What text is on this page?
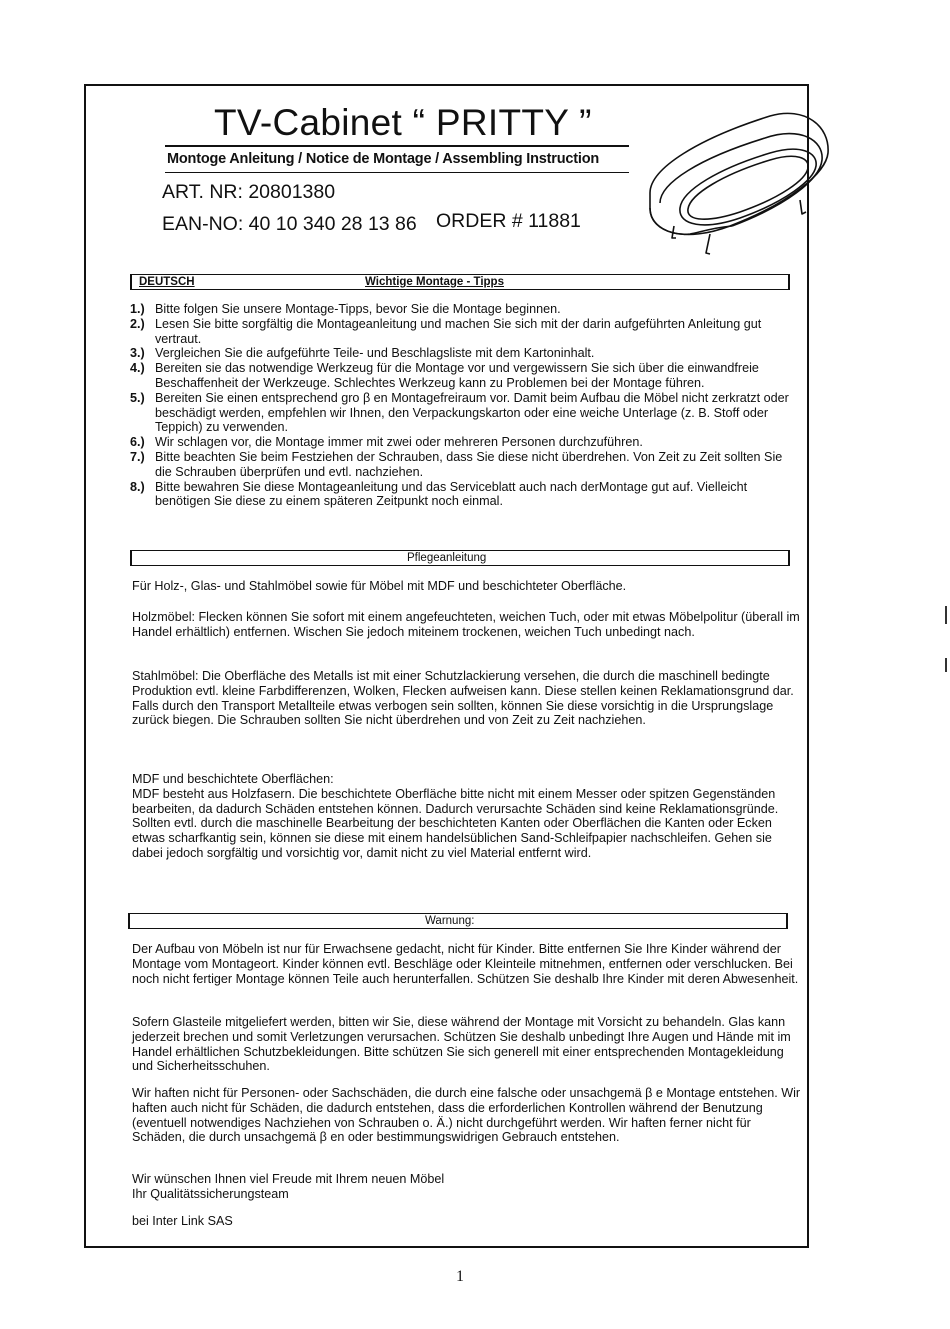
TV-Cabinet “ PRITTY ”
Montoge Anleitung / Notice de Montage / Assembling Instruction
ART. NR: 20801380
EAN-NO: 40 10 340 28 13 86 ORDER # 11881
DEUTSCH	Wichtige Montage - Tipps
1.) Bitte folgen Sie unsere Montage-Tipps, bevor Sie die Montage beginnen.
2.) Lesen Sie bitte sorgfältig die Montageanleitung und machen Sie sich mit der darin aufgeführten Anleitung gut vertraut.
3.) Vergleichen Sie die aufgeführte Teile- und Beschlagsliste mit dem Kartoninhalt.
4.) Bereiten sie das notwendige Werkzeug für die Montage vor und vergewissern Sie sich über die einwandfreie Beschaffenheit der Werkzeuge. Schlechtes Werkzeug kann zu Problemen bei der Montage führen.
5.) Bereiten Sie einen entsprechend gro β en Montagefreiraum vor. Damit beim Aufbau die Möbel nicht zerkratzt oder beschädigt werden, empfehlen wir Ihnen, den Verpackungskarton oder eine weiche Unterlage (z. B. Stoff oder Teppich) zu verwenden.
6.) Wir schlagen vor, die Montage immer mit zwei oder mehreren Personen durchzuführen.
7.) Bitte beachten Sie beim Festziehen der Schrauben, dass Sie diese nicht überdrehen. Von Zeit zu Zeit sollten Sie die Schrauben überprüfen und evtl. nachziehen.
8.) Bitte bewahren Sie diese Montageanleitung und das Serviceblatt auch nach derMontage gut auf. Vielleicht benötigen Sie diese zu einem späteren Zeitpunkt noch einmal.
Pflegeanleitung

Für Holz-, Glas- und Stahlmöbel sowie für Möbel mit MDF und beschichteter Oberfläche.

Holzmöbel: Flecken können Sie sofort mit einem angefeuchteten, weichen Tuch, oder mit etwas Möbelpolitur (überall im Handel erhältlich) entfernen. Wischen Sie jedoch miteinem trockenen, weichen Tuch unbedingt nach.

Stahlmöbel: Die Oberfläche des Metalls ist mit einer Schutzlackierung versehen, die durch die maschinell bedingte Produktion evtl. kleine Farbdifferenzen, Wolken, Flecken aufweisen kann. Diese stellen keinen Reklamationsgrund dar.

Falls durch den Transport Metallteile etwas verbogen sein sollten, können Sie diese vorsichtig in die Ursprungslage zurück biegen. Die Schrauben sollten Sie nicht überdrehen und von Zeit zu Zeit nachziehen.

MDF und beschichtete Oberflächen:

MDF besteht aus Holzfasern. Die beschichtete Oberfläche bitte nicht mit einem Messer oder spitzen Gegenständen bearbeiten, da dadurch Schäden entstehen können. Dadurch verursachte Schäden sind keine Reklamationsgründe.

Sollten evtl. durch die maschinelle Bearbeitung der beschichteten Kanten oder Oberflächen die Kanten oder Ecken etwas scharfkantig sein, können sie diese mit einem handelsüblichen Sand-Schleifpapier nachschleifen. Gehen sie dabei jedoch sorgfältig und vorsichtig vor, damit nicht zu viel Material entfernt wird.

Warnung:

Der Aufbau von Möbeln ist nur für Erwachsene gedacht, nicht für Kinder. Bitte entfernen Sie Ihre Kinder während der Montage vom Montageort. Kinder können evtl. Beschläge oder Kleinteile mitnehmen, entfernen oder verschlucken. Bei noch nicht fertiger Montage können Teile auch herunterfallen. Schützen Sie deshalb Ihre Kinder mit deren Abwesenheit.

Sofern Glasteile mitgeliefert werden, bitten wir Sie, diese während der Montage mit Vorsicht zu behandeln. Glas kann jederzeit brechen und somit Verletzungen verursachen. Schützen Sie deshalb unbedingt Ihre Augen und Hände mit im Handel erhältlichen Schutzbekleidungen. Bitte schützen Sie sich generell mit einer entsprechenden Montagekleidung und Sicherheitsschuhen.

Wir haften nicht für Personen- oder Sachschäden, die durch eine falsche oder unsachgemä β e Montage entstehen. Wir haften auch nicht für Schäden, die dadurch entstehen, dass die erforderlichen Kontrollen während der Benutzung (eventuell notwendiges Nachziehen von Schrauben o. Ä.) nicht durchgeführt werden. Wir haften ferner nicht für Schäden, die durch unsachgemä β en oder bestimmungswidrigen Gebrauch entstehen.

Wir wünschen Ihnen viel Freude mit Ihrem neuen Möbel

Ihr Qualitätssicherungsteam

bei Inter Link SAS

1
